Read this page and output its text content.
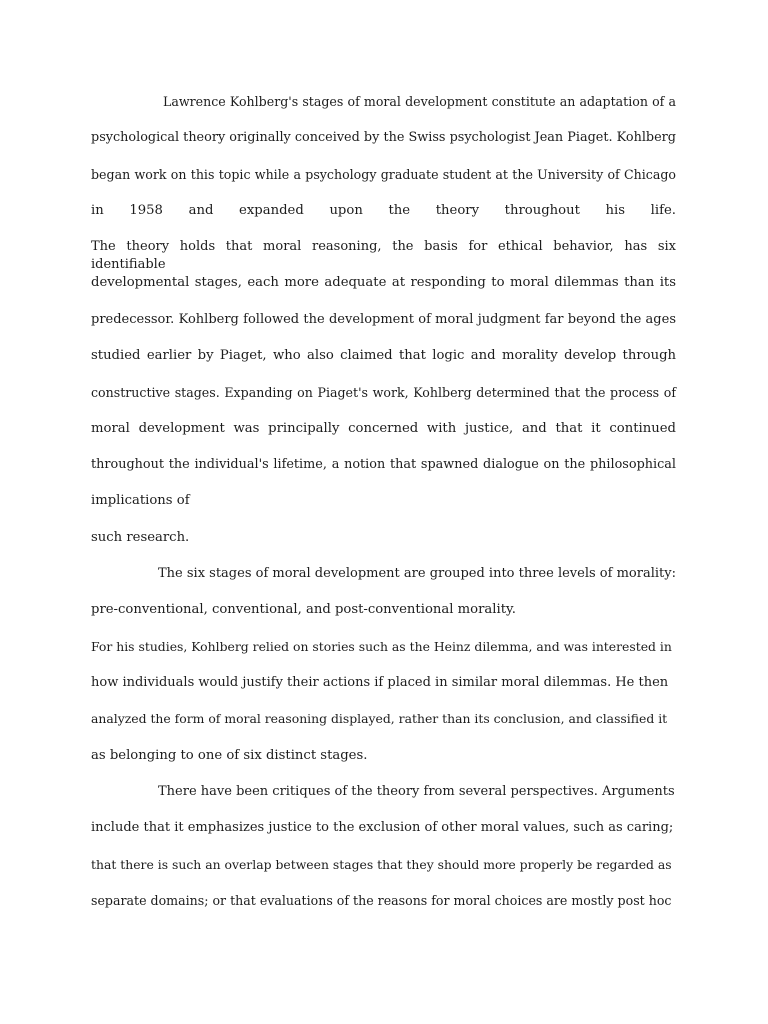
Lawrence Kohlberg's stages of moral development constitute an adaptation of a
psychological theory originally conceived by the Swiss psychologist Jean Piaget. Kohlberg
began work on this topic while a psychology graduate student at the University of Chicago
in 1958 and expanded upon the theory throughout his life.
The theory holds that moral reasoning, the basis for ethical behavior, has six identifiable
developmental stages, each more adequate at responding to moral dilemmas than its
predecessor. Kohlberg followed the development of moral judgment far beyond the ages
studied earlier by Piaget, who also claimed that logic and morality develop through
constructive stages. Expanding on Piaget's work, Kohlberg determined that the process of
moral development was principally concerned with justice, and that it continued
throughout the individual's lifetime, a notion that spawned dialogue on the philosophical
implications of
such research.
The six stages of moral development are grouped into three levels of morality:
pre-conventional, conventional, and post-conventional morality.
For his studies, Kohlberg relied on stories such as the Heinz dilemma, and was interested in
how individuals would justify their actions if placed in similar moral dilemmas. He then
analyzed the form of moral reasoning displayed, rather than its conclusion, and classified it
as belonging to one of six distinct stages.
There have been critiques of the theory from several perspectives. Arguments
include that it emphasizes justice to the exclusion of other moral values, such as caring;
that there is such an overlap between stages that they should more properly be regarded as
separate domains; or that evaluations of the reasons for moral choices are mostly post hoc
